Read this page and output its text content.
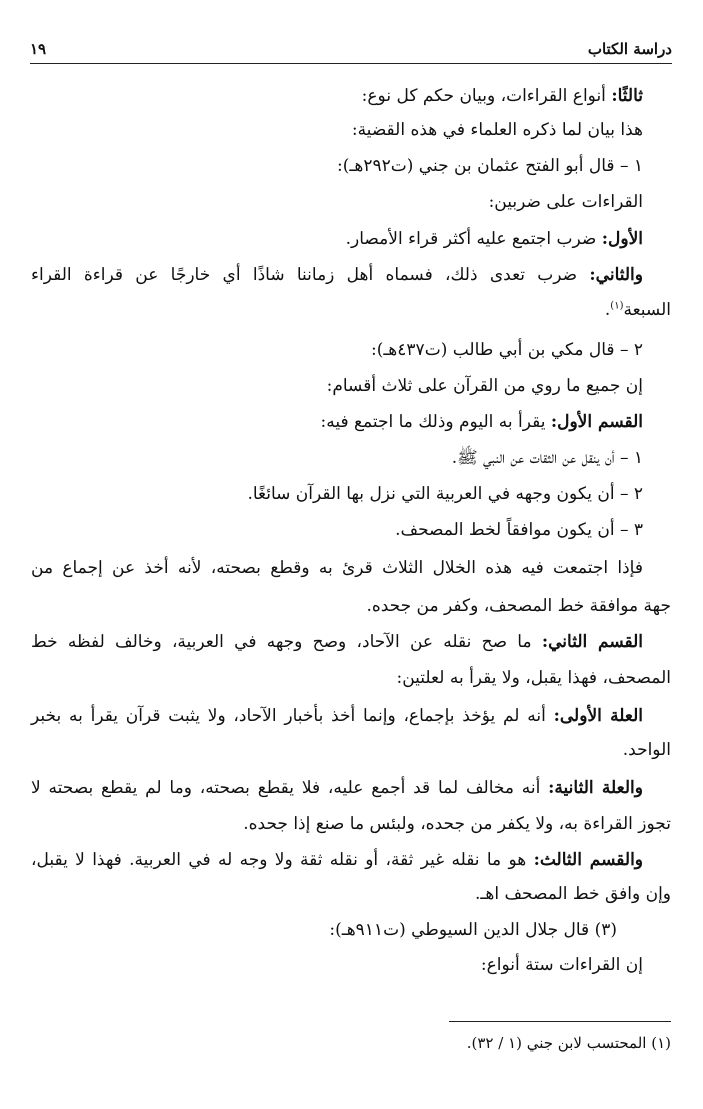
دراسة الكتاب
١٩
ثالثًا: أنواع القراءات، وبيان حكم كل نوع:
هذا بيان لما ذكره العلماء في هذه القضية:
١ – قال أبو الفتح عثمان بن جني (ت٢٩٢هـ):
القراءات على ضربين:
الأول: ضرب اجتمع عليه أكثر قراء الأمصار.
والثاني: ضرب تعدى ذلك، فسماه أهل زماننا شاذًا أي خارجًا عن قراءة القراء
السبعة$^{(١)}$.
٢ – قال مكي بن أبي طالب (ت٤٣٧هـ):
إن جميع ما روي من القرآن على ثلاث أقسام:
القسم الأول: يقرأ به اليوم وذلك ما اجتمع فيه:
١ – أن ينقل عن الثقات عن النبي ﷺ.
٢ – أن يكون وجهه في العربية التي نزل بها القرآن سائغًا.
٣ – أن يكون موافقاً لخط المصحف.
فإذا اجتمعت فيه هذه الخلال الثلاث قرئ به وقطع بصحته، لأنه أخذ عن إجماع من
جهة موافقة خط المصحف، وكفر من جحده.
القسم الثاني: ما صح نقله عن الآحاد، وصح وجهه في العربية، وخالف لفظه خط
المصحف، فهذا يقبل، ولا يقرأ به لعلتين:
العلة الأولى: أنه لم يؤخذ بإجماع، وإنما أخذ بأخبار الآحاد، ولا يثبت قرآن يقرأ به بخبر
الواحد.
والعلة الثانية: أنه مخالف لما قد أجمع عليه، فلا يقطع بصحته، وما لم يقطع بصحته لا
تجوز القراءة به، ولا يكفر من جحده، ولبئس ما صنع إذا جحده.
والقسم الثالث: هو ما نقله غير ثقة، أو نقله ثقة ولا وجه له في العربية. فهذا لا يقبل،
وإن وافق خط المصحف اهـ.
(٣) قال جلال الدين السيوطي (ت٩١١هـ):
إن القراءات ستة أنواع:
(١) المحتسب لابن جني (١ / ٣٢).
